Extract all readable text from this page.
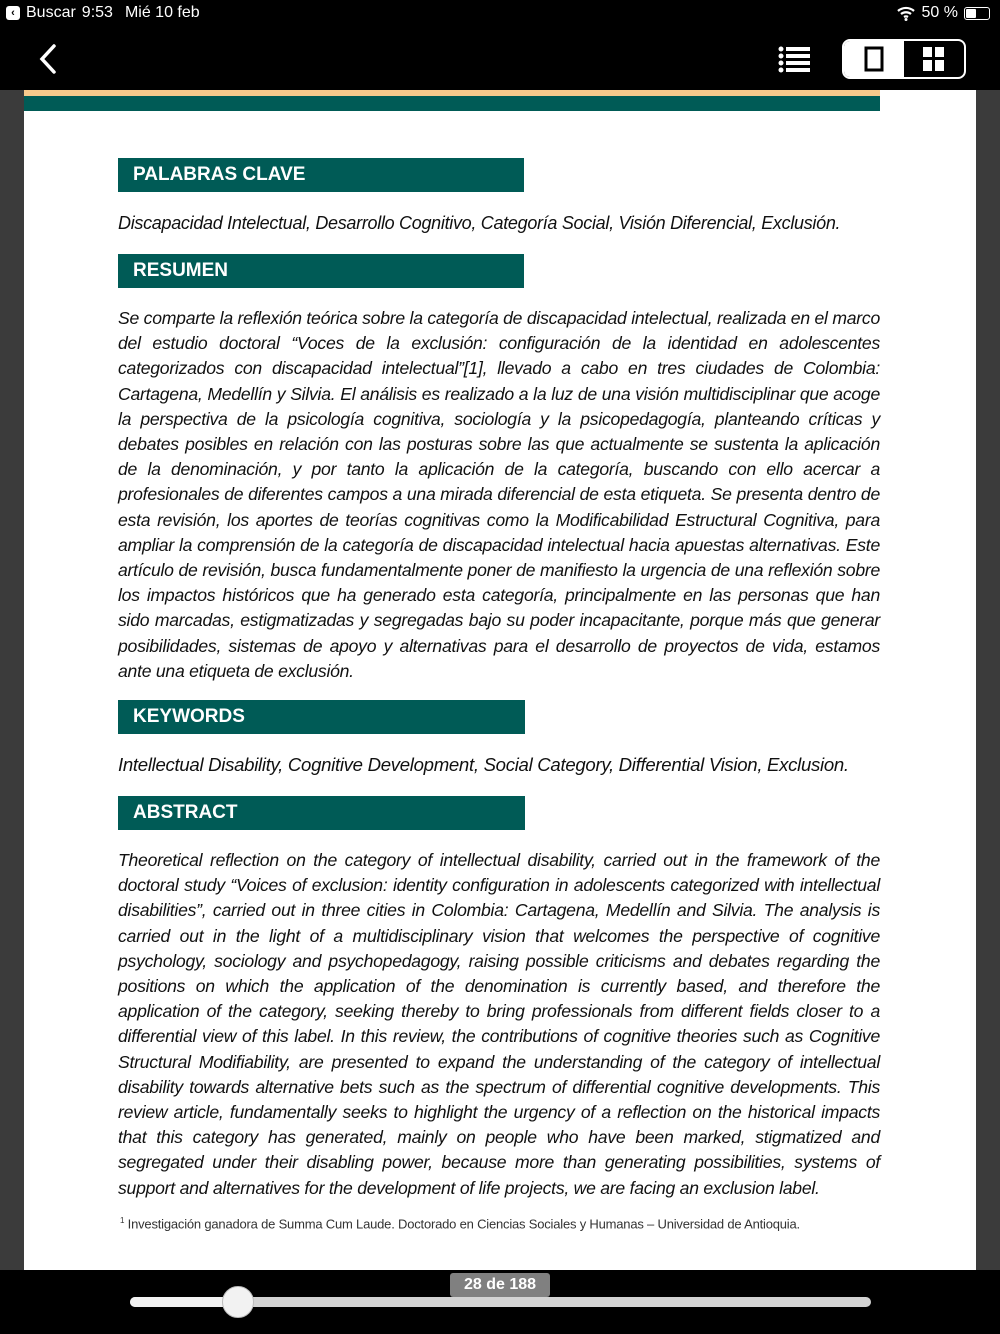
‹ Buscar 9:53 Mié 10 feb	50 %
PALABRAS CLAVE
Discapacidad Intelectual, Desarrollo Cognitivo, Categoría Social, Visión Diferencial, Exclusión.
RESUMEN
Se comparte la reflexión teórica sobre la categoría de discapacidad intelectual, realizada en el marco del estudio doctoral “Voces de la exclusión: configuración de la identidad en adolescentes categorizados con discapacidad intelectual”[1], llevado a cabo en tres ciudades de Colombia: Cartagena, Medellín y Silvia. El análisis es realizado a la luz de una visión multidisciplinar que acoge la perspectiva de la psicología cognitiva, sociología y la psicopedagogía, planteando críticas y debates posibles en relación con las posturas sobre las que actualmente se sustenta la aplicación de la denominación, y por tanto la aplicación de la categoría, buscando con ello acercar a profesionales de diferentes campos a una mirada diferencial de esta etiqueta. Se presenta dentro de esta revisión, los aportes de teorías cognitivas como la Modificabilidad Estructural Cognitiva, para ampliar la comprensión de la categoría de discapacidad intelectual hacia apuestas alternativas. Este artículo de revisión, busca fundamentalmente poner de manifiesto la urgencia de una reflexión sobre los impactos históricos que ha generado esta categoría, principalmente en las personas que han sido marcadas, estigmatizadas y segregadas bajo su poder incapacitante, porque más que generar posibilidades, sistemas de apoyo y alternativas para el desarrollo de proyectos de vida, estamos ante una etiqueta de exclusión.
KEYWORDS
Intellectual Disability, Cognitive Development, Social Category, Differential Vision, Exclusion.
ABSTRACT
Theoretical reflection on the category of intellectual disability, carried out in the framework of the doctoral study “Voices of exclusion: identity configuration in adolescents categorized with intellectual disabilities”, carried out in three cities in Colombia: Cartagena, Medellín and Silvia. The analysis is carried out in the light of a multidisciplinary vision that welcomes the perspective of cognitive psychology, sociology and psychopedagogy, raising possible criticisms and debates regarding the positions on which the application of the denomination is currently based, and therefore the application of the category, seeking thereby to bring professionals from different fields closer to a differential view of this label. In this review, the contributions of cognitive theories such as Cognitive Structural Modifiability, are presented to expand the understanding of the category of intellectual disability towards alternative bets such as the spectrum of differential cognitive developments. This review article, fundamentally seeks to highlight the urgency of a reflection on the historical impacts that this category has generated, mainly on people who have been marked, stigmatized and segregated under their disabling power, because more than generating possibilities, systems of support and alternatives for the development of life projects, we are facing an exclusion label.
$^1$ Investigación ganadora de Summa Cum Laude. Doctorado en Ciencias Sociales y Humanas – Universidad de Antioquia.
28 de 188
